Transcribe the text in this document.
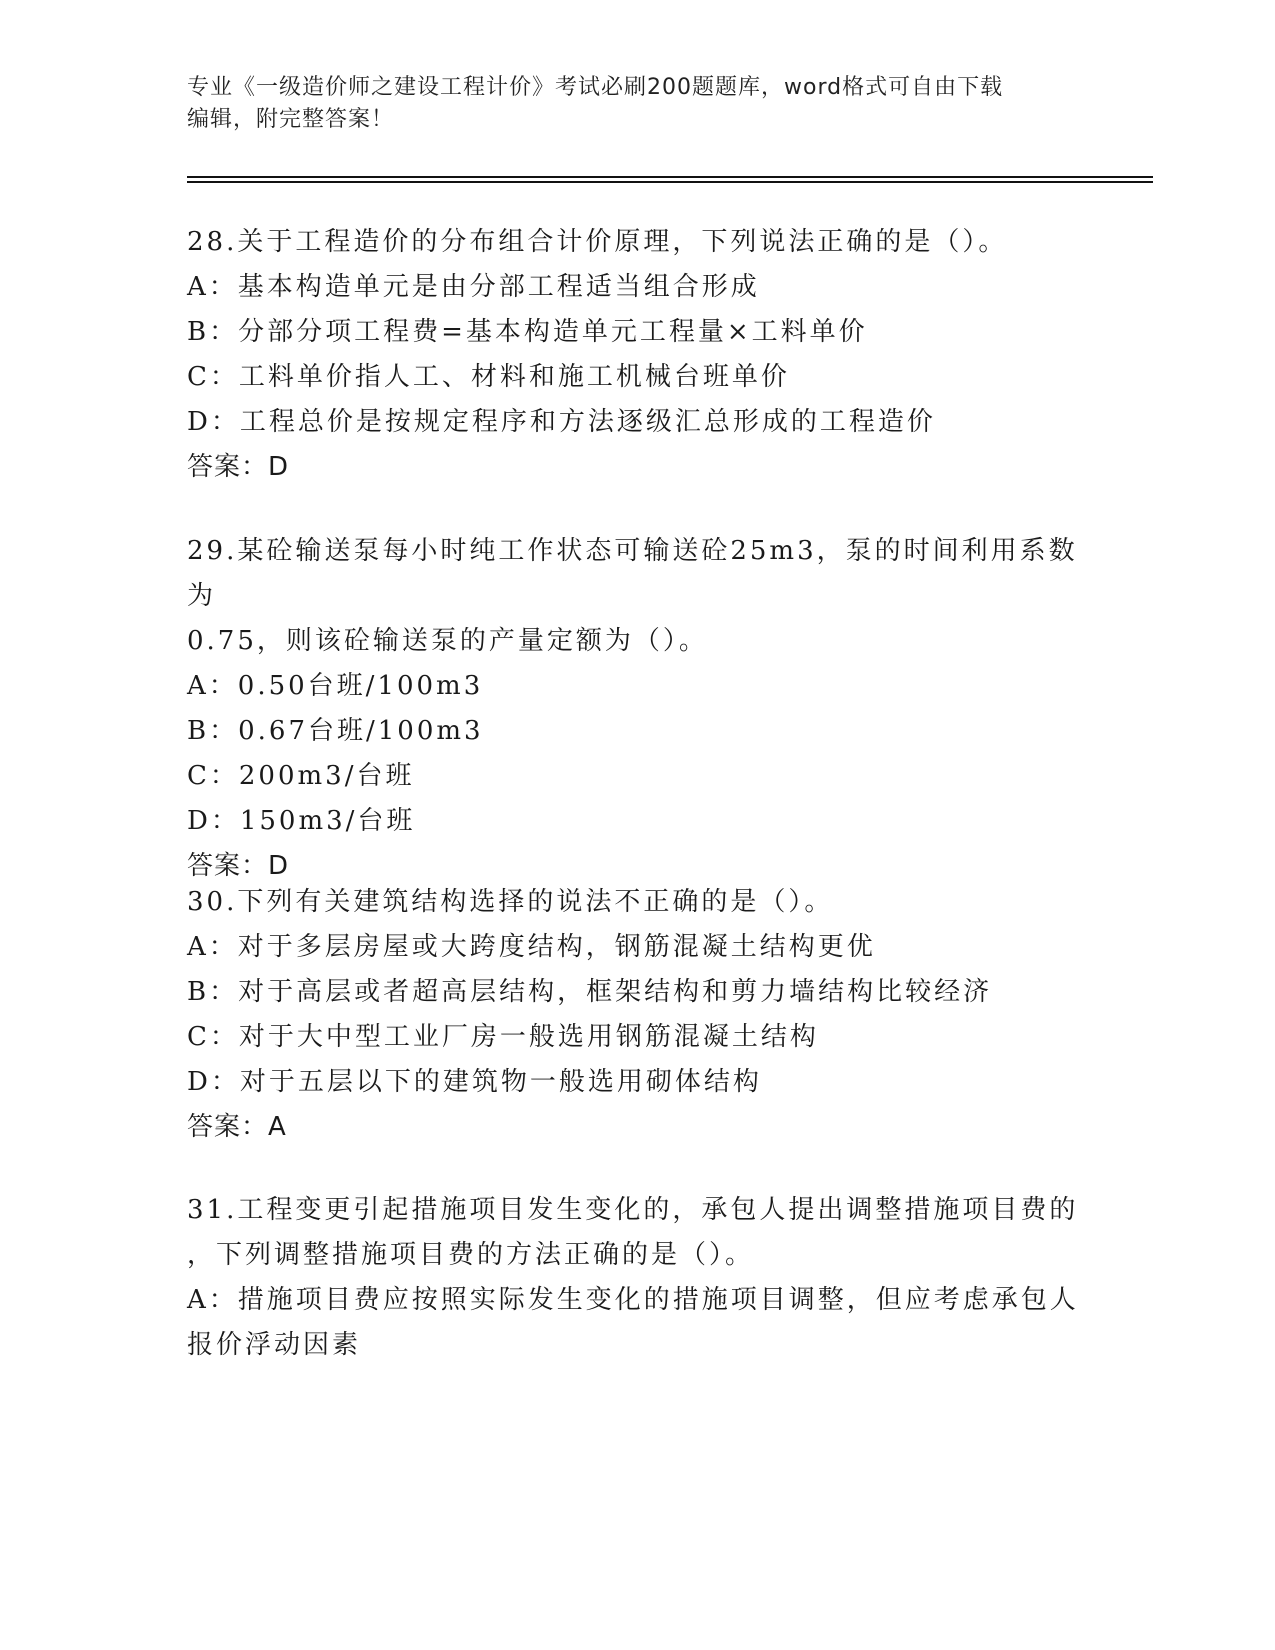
专业《一级造价师之建设工程计价》考试必刷200题题库，word格式可自由下载
编辑，附完整答案！

28.关于工程造价的分布组合计价原理，下列说法正确的是（）。

A：基本构造单元是由分部工程适当组合形成

B：分部分项工程费=基本构造单元工程量×工料单价

C：工料单价指人工、材料和施工机械台班单价

D：工程总价是按规定程序和方法逐级汇总形成的工程造价

答案：D

29.某砼输送泵每小时纯工作状态可输送砼25m3，泵的时间利用系数为

0.75，则该砼输送泵的产量定额为（）。

A：0.50台班/100m3

B：0.67台班/100m3

C：200m3/台班

D：150m3/台班

答案：D

30.下列有关建筑结构选择的说法不正确的是（）。

A：对于多层房屋或大跨度结构，钢筋混凝土结构更优

B：对于高层或者超高层结构，框架结构和剪力墙结构比较经济

C：对于大中型工业厂房一般选用钢筋混凝土结构

D：对于五层以下的建筑物一般选用砌体结构

答案：A

31.工程变更引起措施项目发生变化的，承包人提出调整措施项目费的

，下列调整措施项目费的方法正确的是（）。

A：措施项目费应按照实际发生变化的措施项目调整，但应考虑承包人

报价浮动因素
